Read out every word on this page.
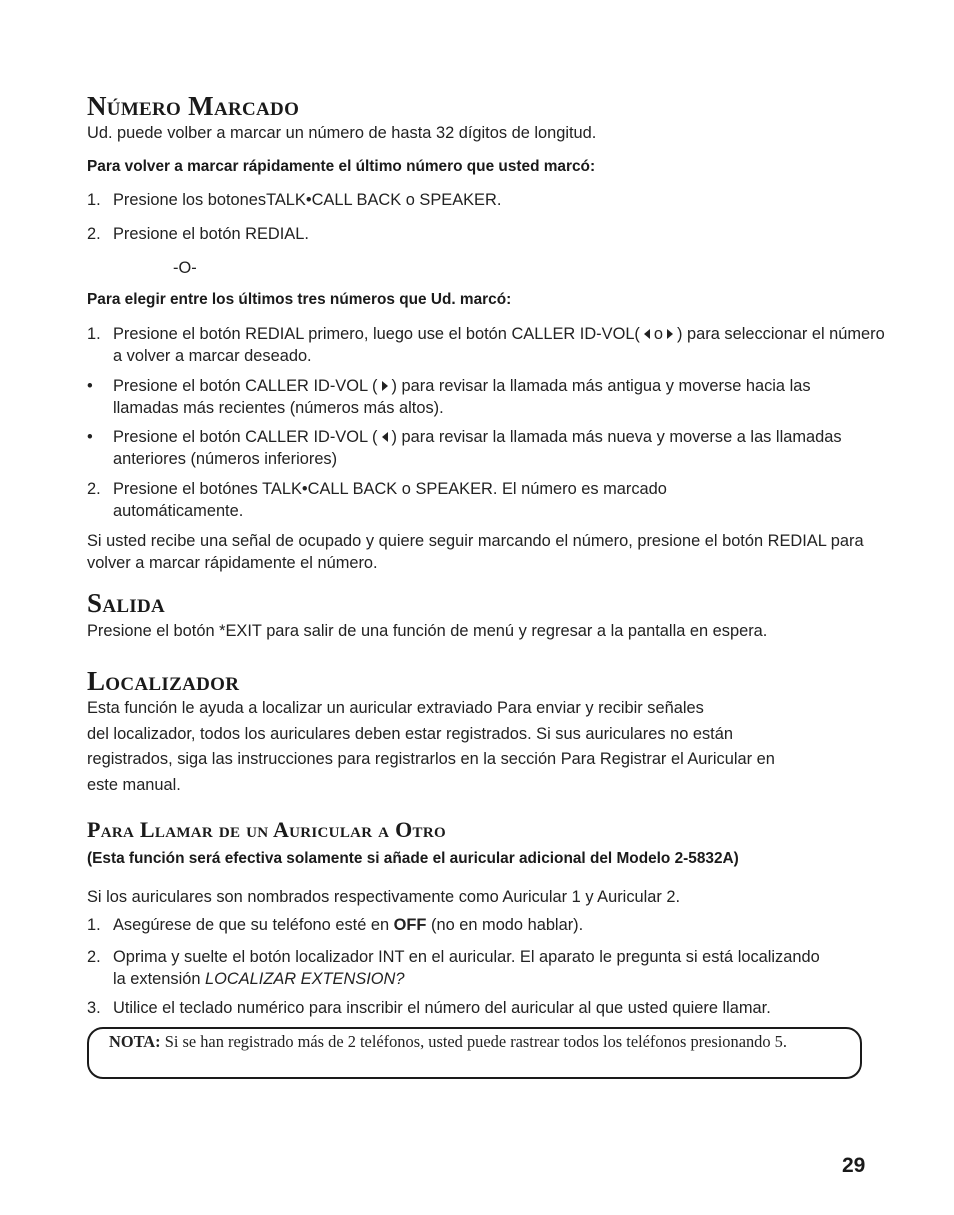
Número Marcado
Ud. puede volber a marcar un número de hasta 32 dígitos de longitud.
Para volver a marcar rápidamente el último número que usted marcó:
1. Presione los botonesTALK•CALL BACK o SPEAKER.
2. Presione el botón REDIAL.
-O-
Para elegir entre los últimos tres números que Ud. marcó:
1. Presione el botón REDIAL primero, luego use el botón CALLER ID-VOL( o ) para seleccionar el número a volver a marcar deseado.
• Presione el botón CALLER ID-VOL ( ) para revisar la llamada más antigua y moverse hacia las llamadas más recientes (números más altos).
• Presione el botón CALLER ID-VOL ( ) para revisar la llamada más nueva y moverse a las llamadas anteriores (números inferiores)
2. Presione el botónes TALK•CALL BACK o SPEAKER. El número es marcado automáticamente.
Si usted recibe una señal de ocupado y quiere seguir marcando el número, presione el botón REDIAL para volver a marcar rápidamente el número.
Salida
Presione el botón *EXIT para salir de una función de menú y regresar a la pantalla en espera.
Localizador
Esta función le ayuda a localizar un auricular extraviado Para enviar y recibir señales
del localizador, todos los auriculares deben estar registrados. Si sus auriculares no están
registrados, siga las instrucciones para registrarlos en la sección Para Registrar el Auricular en
este manual.
Para Llamar de un Auricular a Otro
(Esta función será efectiva solamente si añade el auricular adicional del Modelo 2-5832A)
Si los auriculares son nombrados respectivamente como Auricular 1 y Auricular 2.
1. Asegúrese de que su teléfono esté en OFF (no en modo hablar).
2. Oprima y suelte el botón localizador INT en el auricular. El aparato le pregunta si está localizando la extensión LOCALIZAR EXTENSION?
3. Utilice el teclado numérico para inscribir el número del auricular al que usted quiere llamar.
NOTA: Si se han registrado más de 2 teléfonos, usted puede rastrear todos los teléfonos presionando 5.
29
